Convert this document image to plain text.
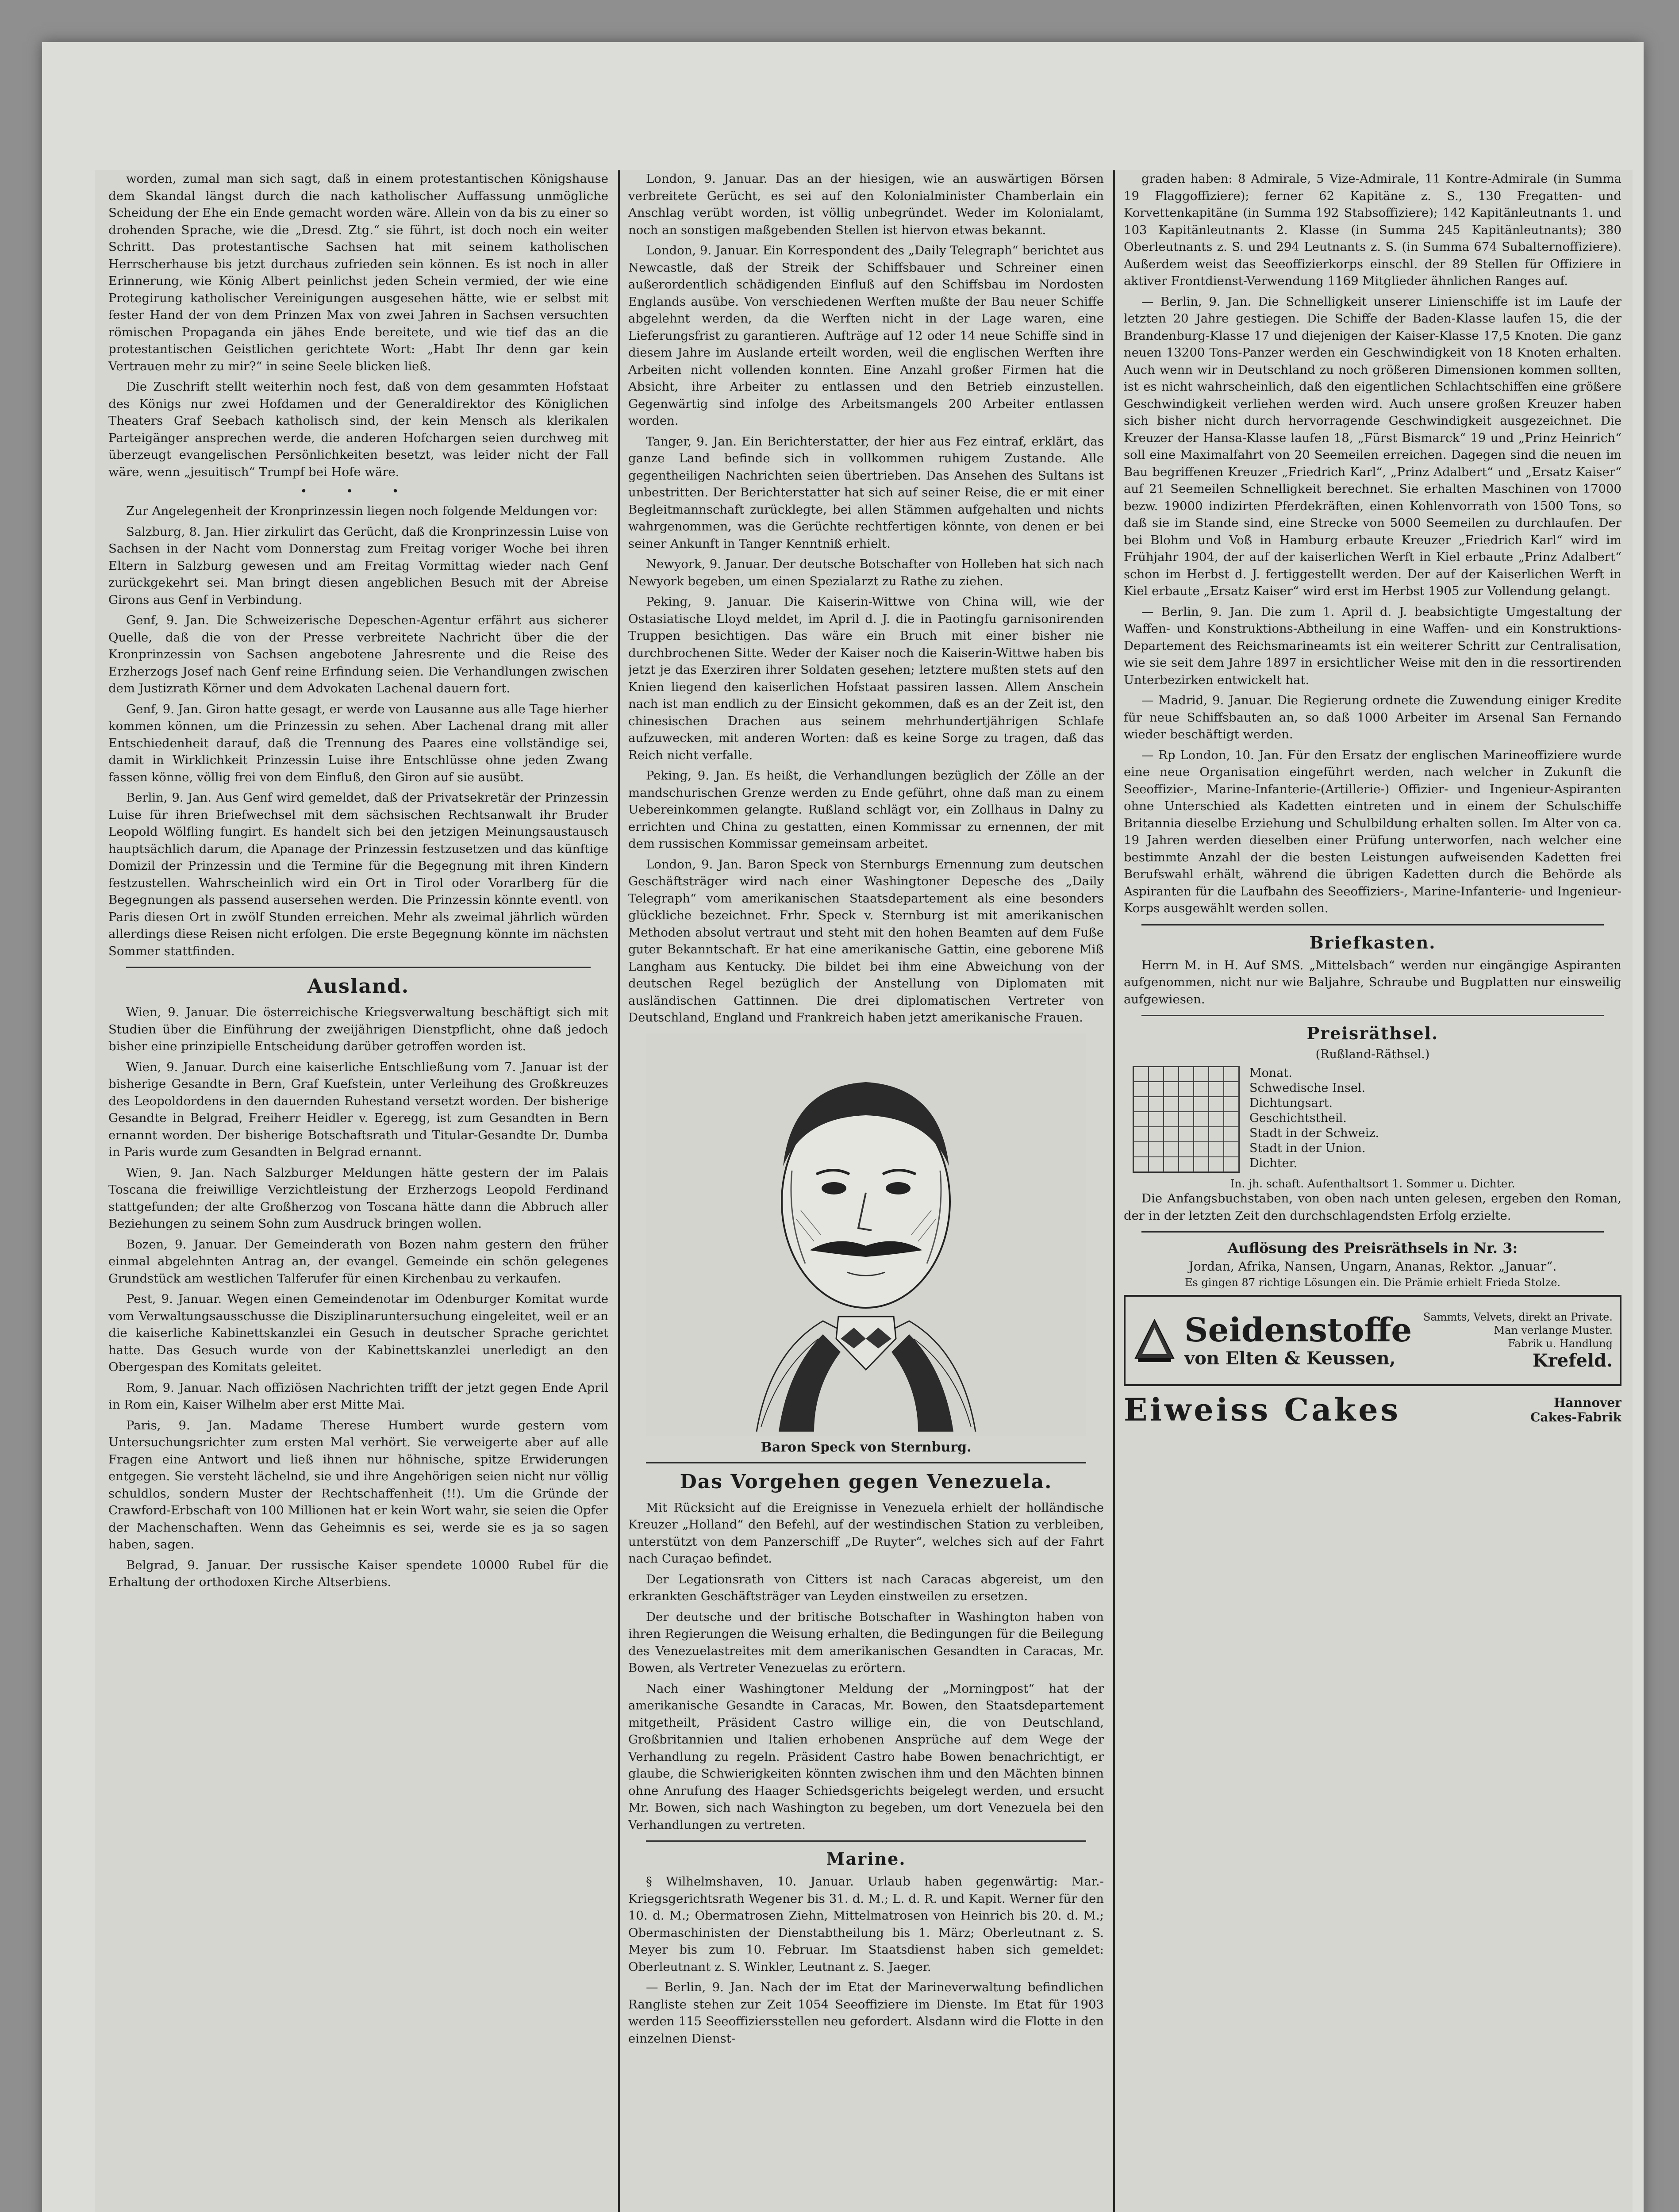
worden, zumal man sich sagt, daß in einem protestantischen Königshause dem Skandal längst durch die nach katholischer Auffassung unmögliche Scheidung der Ehe ein Ende gemacht worden wäre. Allein von da bis zu einer so drohenden Sprache, wie die „Dresd. Ztg.“ sie führt, ist doch noch ein weiter Schritt. Das protestantische Sachsen hat mit seinem katholischen Herrscherhause bis jetzt durchaus zufrieden sein können. Es ist noch in aller Erinnerung, wie König Albert peinlichst jeden Schein vermied, der wie eine Protegirung katholischer Vereinigungen ausgesehen hätte, wie er selbst mit fester Hand der von dem Prinzen Max von zwei Jahren in Sachsen versuchten römischen Propaganda ein jähes Ende bereitete, und wie tief das an die protestantischen Geistlichen gerichtete Wort: „Habt Ihr denn gar kein Vertrauen mehr zu mir?“ in seine Seele blicken ließ.

Die Zuschrift stellt weiterhin noch fest, daß von dem gesammten Hofstaat des Königs nur zwei Hofdamen und der Generaldirektor des Königlichen Theaters Graf Seebach katholisch sind, der kein Mensch als klerikalen Parteigänger ansprechen werde, die anderen Hofchargen seien durchweg mit überzeugt evangelischen Persönlichkeiten besetzt, was leider nicht der Fall wäre, wenn „jesuitisch“ Trumpf bei Hofe wäre.

• • •

Zur Angelegenheit der Kronprinzessin liegen noch folgende Meldungen vor:

Salzburg, 8. Jan. Hier zirkulirt das Gerücht, daß die Kronprinzessin Luise von Sachsen in der Nacht vom Donnerstag zum Freitag voriger Woche bei ihren Eltern in Salzburg gewesen und am Freitag Vormittag wieder nach Genf zurückgekehrt sei. Man bringt diesen angeblichen Besuch mit der Abreise Girons aus Genf in Verbindung.

Genf, 9. Jan. Die Schweizerische Depeschen-Agentur erfährt aus sicherer Quelle, daß die von der Presse verbreitete Nachricht über die der Kronprinzessin von Sachsen angebotene Jahresrente und die Reise des Erzherzogs Josef nach Genf reine Erfindung seien. Die Verhandlungen zwischen dem Justizrath Körner und dem Advokaten Lachenal dauern fort.

Genf, 9. Jan. Giron hatte gesagt, er werde von Lausanne aus alle Tage hierher kommen können, um die Prinzessin zu sehen. Aber Lachenal drang mit aller Entschiedenheit darauf, daß die Trennung des Paares eine vollständige sei, damit in Wirklichkeit Prinzessin Luise ihre Entschlüsse ohne jeden Zwang fassen könne, völlig frei von dem Einfluß, den Giron auf sie ausübt.

Berlin, 9. Jan. Aus Genf wird gemeldet, daß der Privatsekretär der Prinzessin Luise für ihren Briefwechsel mit dem sächsischen Rechtsanwalt ihr Bruder Leopold Wölfling fungirt. Es handelt sich bei den jetzigen Meinungsaustausch hauptsächlich darum, die Apanage der Prinzessin festzusetzen und das künftige Domizil der Prinzessin und die Termine für die Begegnung mit ihren Kindern festzustellen. Wahrscheinlich wird ein Ort in Tirol oder Vorarlberg für die Begegnungen als passend ausersehen werden. Die Prinzessin könnte eventl. von Paris diesen Ort in zwölf Stunden erreichen. Mehr als zweimal jährlich würden allerdings diese Reisen nicht erfolgen. Die erste Begegnung könnte im nächsten Sommer stattfinden.

Ausland.

Wien, 9. Januar. Die österreichische Kriegsverwaltung beschäftigt sich mit Studien über die Einführung der zweijährigen Dienstpflicht, ohne daß jedoch bisher eine prinzipielle Entscheidung darüber getroffen worden ist.

Wien, 9. Januar. Durch eine kaiserliche Entschließung vom 7. Januar ist der bisherige Gesandte in Bern, Graf Kuefstein, unter Verleihung des Großkreuzes des Leopoldordens in den dauernden Ruhestand versetzt worden. Der bisherige Gesandte in Belgrad, Freiherr Heidler v. Egeregg, ist zum Gesandten in Bern ernannt worden. Der bisherige Botschaftsrath und Titular-Gesandte Dr. Dumba in Paris wurde zum Gesandten in Belgrad ernannt.

Wien, 9. Jan. Nach Salzburger Meldungen hätte gestern der im Palais Toscana die freiwillige Verzichtleistung der Erzherzogs Leopold Ferdinand stattgefunden; der alte Großherzog von Toscana hätte dann die Abbruch aller Beziehungen zu seinem Sohn zum Ausdruck bringen wollen.

Bozen, 9. Januar. Der Gemeinderath von Bozen nahm gestern den früher einmal abgelehnten Antrag an, der evangel. Gemeinde ein schön gelegenes Grundstück am westlichen Talferufer für einen Kirchenbau zu verkaufen.

Pest, 9. Januar. Wegen einen Gemeindenotar im Odenburger Komitat wurde vom Verwaltungsausschusse die Disziplinaruntersuchung eingeleitet, weil er an die kaiserliche Kabinettskanzlei ein Gesuch in deutscher Sprache gerichtet hatte. Das Gesuch wurde von der Kabinettskanzlei unerledigt an den Obergespan des Komitats geleitet.

Rom, 9. Januar. Nach offiziösen Nachrichten trifft der jetzt gegen Ende April in Rom ein, Kaiser Wilhelm aber erst Mitte Mai.

Paris, 9. Jan. Madame Therese Humbert wurde gestern vom Untersuchungsrichter zum ersten Mal verhört. Sie verweigerte aber auf alle Fragen eine Antwort und ließ ihnen nur höhnische, spitze Erwiderungen entgegen. Sie versteht lächelnd, sie und ihre Angehörigen seien nicht nur völlig schuldlos, sondern Muster der Rechtschaffenheit (!!). Um die Gründe der Crawford-Erbschaft von 100 Millionen hat er kein Wort wahr, sie seien die Opfer der Machenschaften. Wenn das Geheimnis es sei, werde sie es ja so sagen haben, sagen.

Belgrad, 9. Januar. Der russische Kaiser spendete 10000 Rubel für die Erhaltung der orthodoxen Kirche Altserbiens.

London, 9. Januar. Das an der hiesigen, wie an auswärtigen Börsen verbreitete Gerücht, es sei auf den Kolonialminister Chamberlain ein Anschlag verübt worden, ist völlig unbegründet. Weder im Kolonialamt, noch an sonstigen maßgebenden Stellen ist hiervon etwas bekannt.

London, 9. Januar. Ein Korrespondent des „Daily Telegraph“ berichtet aus Newcastle, daß der Streik der Schiffsbauer und Schreiner einen außerordentlich schädigenden Einfluß auf den Schiffsbau im Nordosten Englands ausübe. Von verschiedenen Werften mußte der Bau neuer Schiffe abgelehnt werden, da die Werften nicht in der Lage waren, eine Lieferungsfrist zu garantieren. Aufträge auf 12 oder 14 neue Schiffe sind in diesem Jahre im Auslande erteilt worden, weil die englischen Werften ihre Arbeiten nicht vollenden konnten. Eine Anzahl großer Firmen hat die Absicht, ihre Arbeiter zu entlassen und den Betrieb einzustellen. Gegenwärtig sind infolge des Arbeitsmangels 200 Arbeiter entlassen worden.

Tanger, 9. Jan. Ein Berichterstatter, der hier aus Fez eintraf, erklärt, das ganze Land befinde sich in vollkommen ruhigem Zustande. Alle gegentheiligen Nachrichten seien übertrieben. Das Ansehen des Sultans ist unbestritten. Der Berichterstatter hat sich auf seiner Reise, die er mit einer Begleitmannschaft zurücklegte, bei allen Stämmen aufgehalten und nichts wahrgenommen, was die Gerüchte rechtfertigen könnte, von denen er bei seiner Ankunft in Tanger Kenntniß erhielt.

Newyork, 9. Januar. Der deutsche Botschafter von Holleben hat sich nach Newyork begeben, um einen Spezialarzt zu Rathe zu ziehen.

Peking, 9. Januar. Die Kaiserin-Wittwe von China will, wie der Ostasiatische Lloyd meldet, im April d. J. die in Paotingfu garnisonirenden Truppen besichtigen. Das wäre ein Bruch mit einer bisher nie durchbrochenen Sitte. Weder der Kaiser noch die Kaiserin-Wittwe haben bis jetzt je das Exerziren ihrer Soldaten gesehen; letztere mußten stets auf den Knien liegend den kaiserlichen Hofstaat passiren lassen. Allem Anschein nach ist man endlich zu der Einsicht gekommen, daß es an der Zeit ist, den chinesischen Drachen aus seinem mehrhundertjährigen Schlafe aufzuwecken, mit anderen Worten: daß es keine Sorge zu tragen, daß das Reich nicht verfalle.

Peking, 9. Jan. Es heißt, die Verhandlungen bezüglich der Zölle an der mandschurischen Grenze werden zu Ende geführt, ohne daß man zu einem Uebereinkommen gelangte. Rußland schlägt vor, ein Zollhaus in Dalny zu errichten und China zu gestatten, einen Kommissar zu ernennen, der mit dem russischen Kommissar gemeinsam arbeitet.

London, 9. Jan. Baron Speck von Sternburgs Ernennung zum deutschen Geschäftsträger wird nach einer Washingtoner Depesche des „Daily Telegraph“ vom amerikanischen Staatsdepartement als eine besonders glückliche bezeichnet. Frhr. Speck v. Sternburg ist mit amerikanischen Methoden absolut vertraut und steht mit den hohen Beamten auf dem Fuße guter Bekanntschaft. Er hat eine amerikanische Gattin, eine geborene Miß Langham aus Kentucky. Die bildet bei ihm eine Abweichung von der deutschen Regel bezüglich der Anstellung von Diplomaten mit ausländischen Gattinnen. Die drei diplomatischen Vertreter von Deutschland, England und Frankreich haben jetzt amerikanische Frauen.

Baron Speck von Sternburg.
Das Vorgehen gegen Venezuela.

Mit Rücksicht auf die Ereignisse in Venezuela erhielt der holländische Kreuzer „Holland“ den Befehl, auf der westindischen Station zu verbleiben, unterstützt von dem Panzerschiff „De Ruyter“, welches sich auf der Fahrt nach Curaçao befindet.

Der Legationsrath von Citters ist nach Caracas abgereist, um den erkrankten Geschäftsträger van Leyden einstweilen zu ersetzen.

Der deutsche und der britische Botschafter in Washington haben von ihren Regierungen die Weisung erhalten, die Bedingungen für die Beilegung des Venezuelastreites mit dem amerikanischen Gesandten in Caracas, Mr. Bowen, als Vertreter Venezuelas zu erörtern.

Nach einer Washingtoner Meldung der „Morningpost“ hat der amerikanische Gesandte in Caracas, Mr. Bowen, den Staatsdepartement mitgetheilt, Präsident Castro willige ein, die von Deutschland, Großbritannien und Italien erhobenen Ansprüche auf dem Wege der Verhandlung zu regeln. Präsident Castro habe Bowen benachrichtigt, er glaube, die Schwierigkeiten könnten zwischen ihm und den Mächten binnen ohne Anrufung des Haager Schiedsgerichts beigelegt werden, und ersucht Mr. Bowen, sich nach Washington zu begeben, um dort Venezuela bei den Verhandlungen zu vertreten.

Marine.

§ Wilhelmshaven, 10. Januar. Urlaub haben gegenwärtig: Mar.-Kriegsgerichtsrath Wegener bis 31. d. M.; L. d. R. und Kapit. Werner für den 10. d. M.; Obermatrosen Ziehn, Mittelmatrosen von Heinrich bis 20. d. M.; Obermaschinisten der Dienstabtheilung bis 1. März; Oberleutnant z. S. Meyer bis zum 10. Februar. Im Staatsdienst haben sich gemeldet: Oberleutnant z. S. Winkler, Leutnant z. S. Jaeger.

— Berlin, 9. Jan. Nach der im Etat der Marineverwaltung befindlichen Rangliste stehen zur Zeit 1054 Seeoffiziere im Dienste. Im Etat für 1903 werden 115 Seeoffiziersstellen neu gefordert. Alsdann wird die Flotte in den einzelnen Dienst-

graden haben: 8 Admirale, 5 Vize-Admirale, 11 Kontre-Admirale (in Summa 19 Flaggoffiziere); ferner 62 Kapitäne z. S., 130 Fregatten- und Korvettenkapitäne (in Summa 192 Stabsoffiziere); 142 Kapitänleutnants 1. und 103 Kapitänleutnants 2. Klasse (in Summa 245 Kapitänleutnants); 380 Oberleutnants z. S. und 294 Leutnants z. S. (in Summa 674 Subalternoffiziere). Außerdem weist das Seeoffizierkorps einschl. der 89 Stellen für Offiziere in aktiver Frontdienst-Verwendung 1169 Mitglieder ähnlichen Ranges auf.

— Berlin, 9. Jan. Die Schnelligkeit unserer Linienschiffe ist im Laufe der letzten 20 Jahre gestiegen. Die Schiffe der Baden-Klasse laufen 15, die der Brandenburg-Klasse 17 und diejenigen der Kaiser-Klasse 17,5 Knoten. Die ganz neuen 13200 Tons-Panzer werden ein Geschwindigkeit von 18 Knoten erhalten. Auch wenn wir in Deutschland zu noch größeren Dimensionen kommen sollten, ist es nicht wahrscheinlich, daß den eigentlichen Schlachtschiffen eine größere Geschwindigkeit verliehen werden wird. Auch unsere großen Kreuzer haben sich bisher nicht durch hervorragende Geschwindigkeit ausgezeichnet. Die Kreuzer der Hansa-Klasse laufen 18, „Fürst Bismarck“ 19 und „Prinz Heinrich“ soll eine Maximalfahrt von 20 Seemeilen erreichen. Dagegen sind die neuen im Bau begriffenen Kreuzer „Friedrich Karl“, „Prinz Adalbert“ und „Ersatz Kaiser“ auf 21 Seemeilen Schnelligkeit berechnet. Sie erhalten Maschinen von 17000 bezw. 19000 indizirten Pferdekräften, einen Kohlenvorrath von 1500 Tons, so daß sie im Stande sind, eine Strecke von 5000 Seemeilen zu durchlaufen. Der bei Blohm und Voß in Hamburg erbaute Kreuzer „Friedrich Karl“ wird im Frühjahr 1904, der auf der kaiserlichen Werft in Kiel erbaute „Prinz Adalbert“ schon im Herbst d. J. fertiggestellt werden. Der auf der Kaiserlichen Werft in Kiel erbaute „Ersatz Kaiser“ wird erst im Herbst 1905 zur Vollendung gelangt.

— Berlin, 9. Jan. Die zum 1. April d. J. beabsichtigte Umgestaltung der Waffen- und Konstruktions-Abtheilung in eine Waffen- und ein Konstruktions-Departement des Reichsmarineamts ist ein weiterer Schritt zur Centralisation, wie sie seit dem Jahre 1897 in ersichtlicher Weise mit den in die ressortirenden Unterbezirken entwickelt hat.

— Madrid, 9. Januar. Die Regierung ordnete die Zuwendung einiger Kredite für neue Schiffsbauten an, so daß 1000 Arbeiter im Arsenal San Fernando wieder beschäftigt werden.

— Rp London, 10. Jan. Für den Ersatz der englischen Marineoffiziere wurde eine neue Organisation eingeführt werden, nach welcher in Zukunft die Seeoffizier-, Marine-Infanterie-(Artillerie-) Offizier- und Ingenieur-Aspiranten ohne Unterschied als Kadetten eintreten und in einem der Schulschiffe Britannia dieselbe Erziehung und Schulbildung erhalten sollen. Im Alter von ca. 19 Jahren werden dieselben einer Prüfung unterworfen, nach welcher eine bestimmte Anzahl der die besten Leistungen aufweisenden Kadetten frei Berufswahl erhält, während die übrigen Kadetten durch die Behörde als Aspiranten für die Laufbahn des Seeoffiziers-, Marine-Infanterie- und Ingenieur-Korps ausgewählt werden sollen.

Briefkasten.

Herrn M. in H. Auf SMS. „Mittelsbach“ werden nur eingängige Aspiranten aufgenommen, nicht nur wie Baljahre, Schraube und Bugplatten nur einsweilig aufgewiesen.

Preisräthsel.
(Rußland-Räthsel.)
Monat.
Schwedische Insel.
Dichtungsart.
Geschichtstheil.
Stadt in der Schweiz.
Stadt in der Union.
Dichter.
In. jh. schaft. Aufenthaltsort 1. Sommer u. Dichter.

Die Anfangsbuchstaben, von oben nach unten gelesen, ergeben den Roman, der in der letzten Zeit den durchschlagendsten Erfolg erzielte.

Auflösung des Preisräthsels in Nr. 3:
Jordan, Afrika, Nansen, Ungarn, Ananas, Rektor. „Januar“.
Es gingen 87 richtige Lösungen ein. Die Prämie erhielt Frieda Stolze.
Seidenstoffe
von Elten & Keussen,
Sammts, Velvets, direkt an Private. Man verlange Muster.
Fabrik u. Handlung
Krefeld.
Eiweiss Cakes	Hannover
Cakes-Fabrik
